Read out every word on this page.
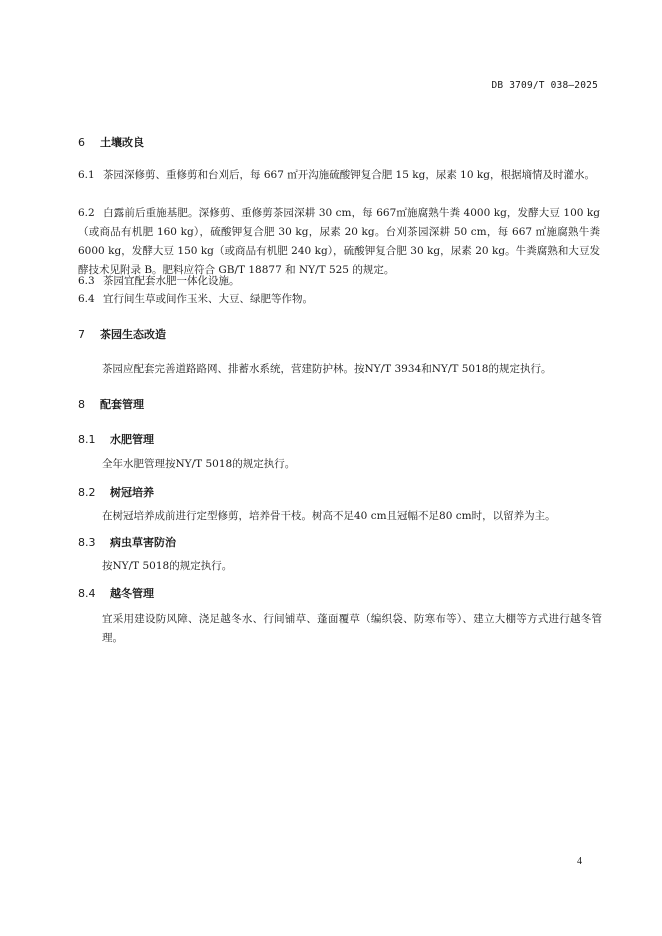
DB 3709/T 038—2025
6 土壤改良
6.1 茶园深修剪、重修剪和台刈后，每 667 ㎡开沟施硫酸钾复合肥 15 kg，尿素 10 kg，根据墒情及时灌水。
6.2 白露前后重施基肥。深修剪、重修剪茶园深耕 30 cm，每 667㎡施腐熟牛粪 4000 kg，发酵大豆 100 kg（或商品有机肥 160 kg），硫酸钾复合肥 30 kg，尿素 20 kg。台刈茶园深耕 50 cm，每 667 ㎡施腐熟牛粪 6000 kg，发酵大豆 150 kg（或商品有机肥 240 kg），硫酸钾复合肥 30 kg，尿素 20 kg。牛粪腐熟和大豆发酵技术见附录 B。肥料应符合 GB/T 18877 和 NY/T 525 的规定。
6.3 茶园宜配套水肥一体化设施。
6.4 宜行间生草或间作玉米、大豆、绿肥等作物。
7 茶园生态改造
茶园应配套完善道路路网、排蓄水系统，营建防护林。按NY/T 3934和NY/T 5018的规定执行。
8 配套管理
8.1 水肥管理
全年水肥管理按NY/T 5018的规定执行。
8.2 树冠培养
在树冠培养成前进行定型修剪，培养骨干枝。树高不足40 cm且冠幅不足80 cm时，以留养为主。
8.3 病虫草害防治
按NY/T 5018的规定执行。
8.4 越冬管理
宜采用建设防风障、浇足越冬水、行间铺草、蓬面覆草（编织袋、防寒布等）、建立大棚等方式进行越冬管理。
4
